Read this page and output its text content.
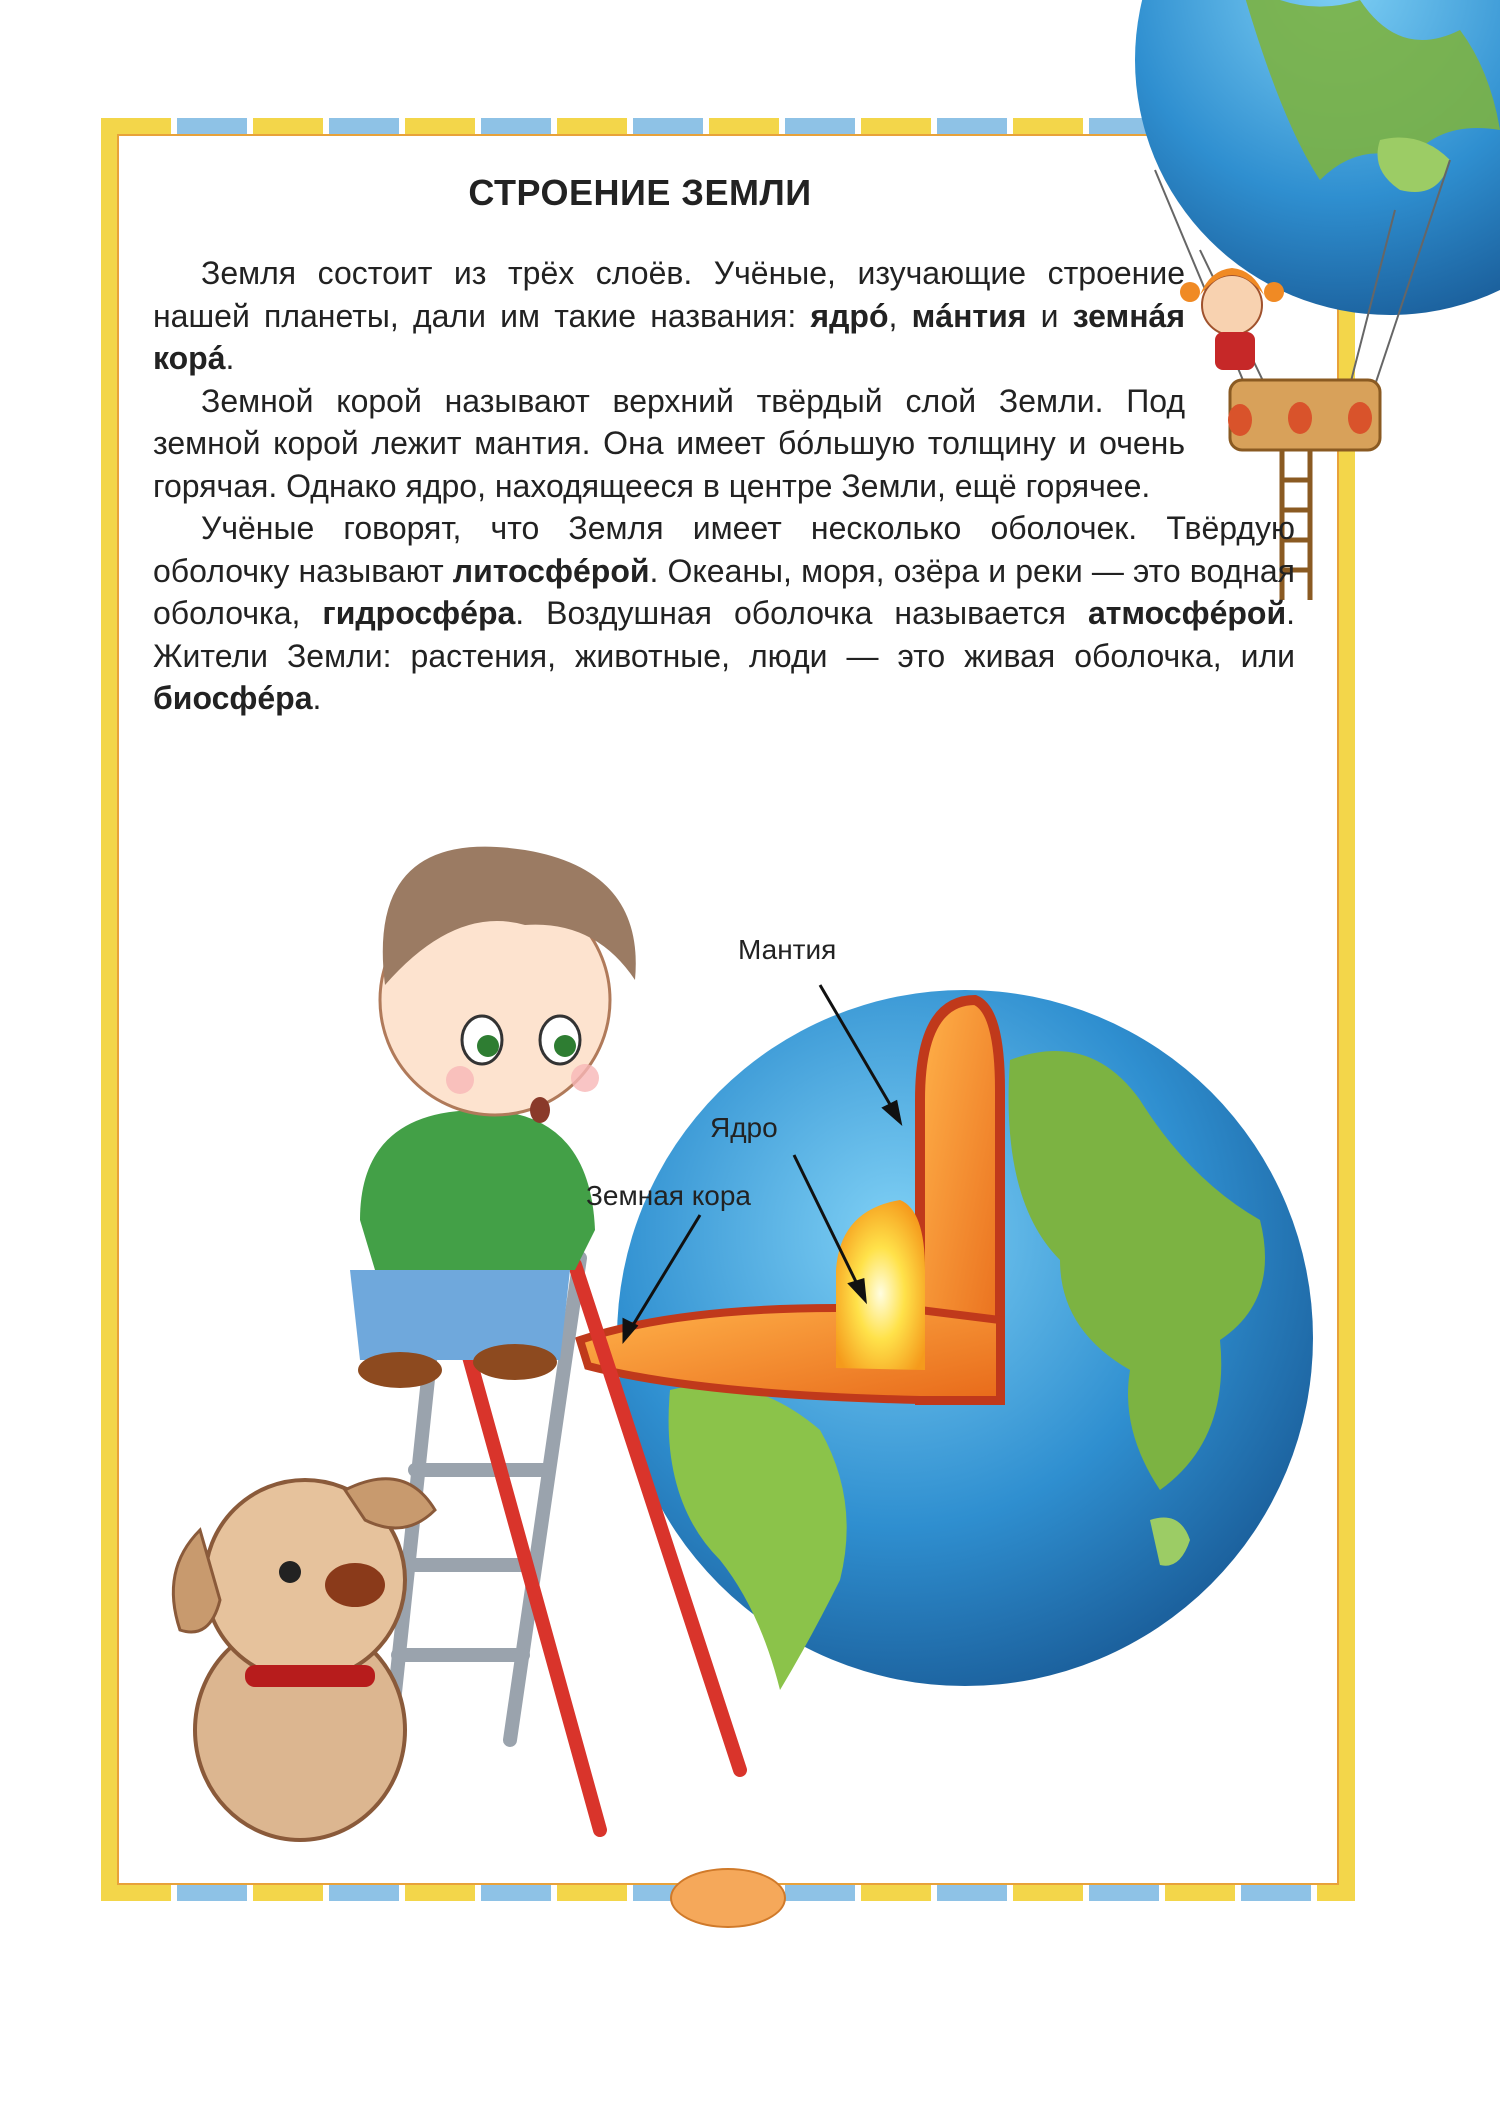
СТРОЕНИЕ ЗЕМЛИ

Земля состоит из трёх слоёв. Учёные, изучающие строение нашей планеты, дали им такие названия: ядрó, мáнтия и земнáя корá.

Земной корой называют верхний твёрдый слой Земли. Под земной корой лежит мантия. Она имеет бóльшую толщину и очень горячая. Однако ядро, находящееся в центре Земли, ещё горячее.

Учёные говорят, что Земля имеет несколько оболочек. Твёрдую оболочку называют литосфéрой. Океаны, моря, озёра и реки — это водная оболочка, гидросфéра. Воздушная оболочка называется атмосфéрой. Жители Земли: растения, животные, люди — это живая оболочка, или биосфéра.

Мантия
Ядро
Земная кора
